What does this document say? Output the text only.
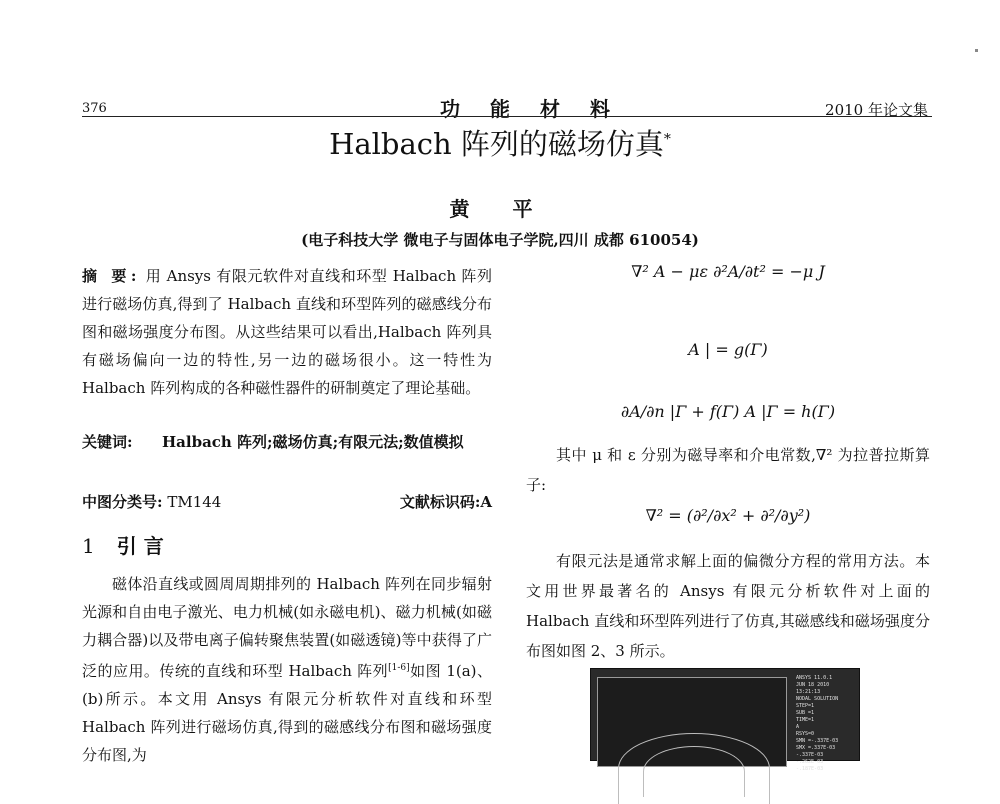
376	功能材料	2010 年论文集
Halbach 阵列的磁场仿真*
黄 平
(电子科技大学 微电子与固体电子学院,四川 成都 610054)
摘 要: 用 Ansys 有限元软件对直线和环型 Halbach 阵列进行磁场仿真,得到了 Halbach 直线和环型阵列的磁感线分布图和磁场强度分布图。从这些结果可以看出,Halbach 阵列具有磁场偏向一边的特性,另一边的磁场很小。这一特性为 Halbach 阵列构成的各种磁性器件的研制奠定了理论基础。
关键词:	Halbach 阵列;磁场仿真;有限元法;数值模拟
中图分类号: TM144	文献标识码:A
1 引 言
磁体沿直线或圆周周期排列的 Halbach 阵列在同步辐射光源和自由电子激光、电力机械(如永磁电机)、磁力机械(如磁力耦合器)以及带电离子偏转聚焦装置(如磁透镜)等中获得了广泛的应用。传统的直线和环型 Halbach 阵列[1-6]如图 1(a)、(b)所示。本文用 Ansys 有限元分析软件对直线和环型 Halbach 阵列进行磁场仿真,得到的磁感线分布图和磁场强度分布图,为
∇² A − με ∂²A/∂t² = −μ J
A | = g(Γ)
∂A/∂n |Γ + f(Γ) A |Γ = h(Γ)
其中 μ 和 ε 分别为磁导率和介电常数,∇² 为拉普拉斯算子:
∇² = (∂²/∂x² + ∂²/∂y²)
有限元法是通常求解上面的偏微分方程的常用方法。本文用世界最著名的 Ansys 有限元分析软件对上面的 Halbach 直线和环型阵列进行了仿真,其磁感线和磁场强度分布图如图 2、3 所示。
ANSYS 11.0.1
JUN 18 2010
13:21:13
NODAL SOLUTION
STEP=1
SUB =1
TIME=1
A
RSYS=0
SMN =-.337E-03
SMX =.337E-03
-.337E-03
-.262E-03
-.187E-03
